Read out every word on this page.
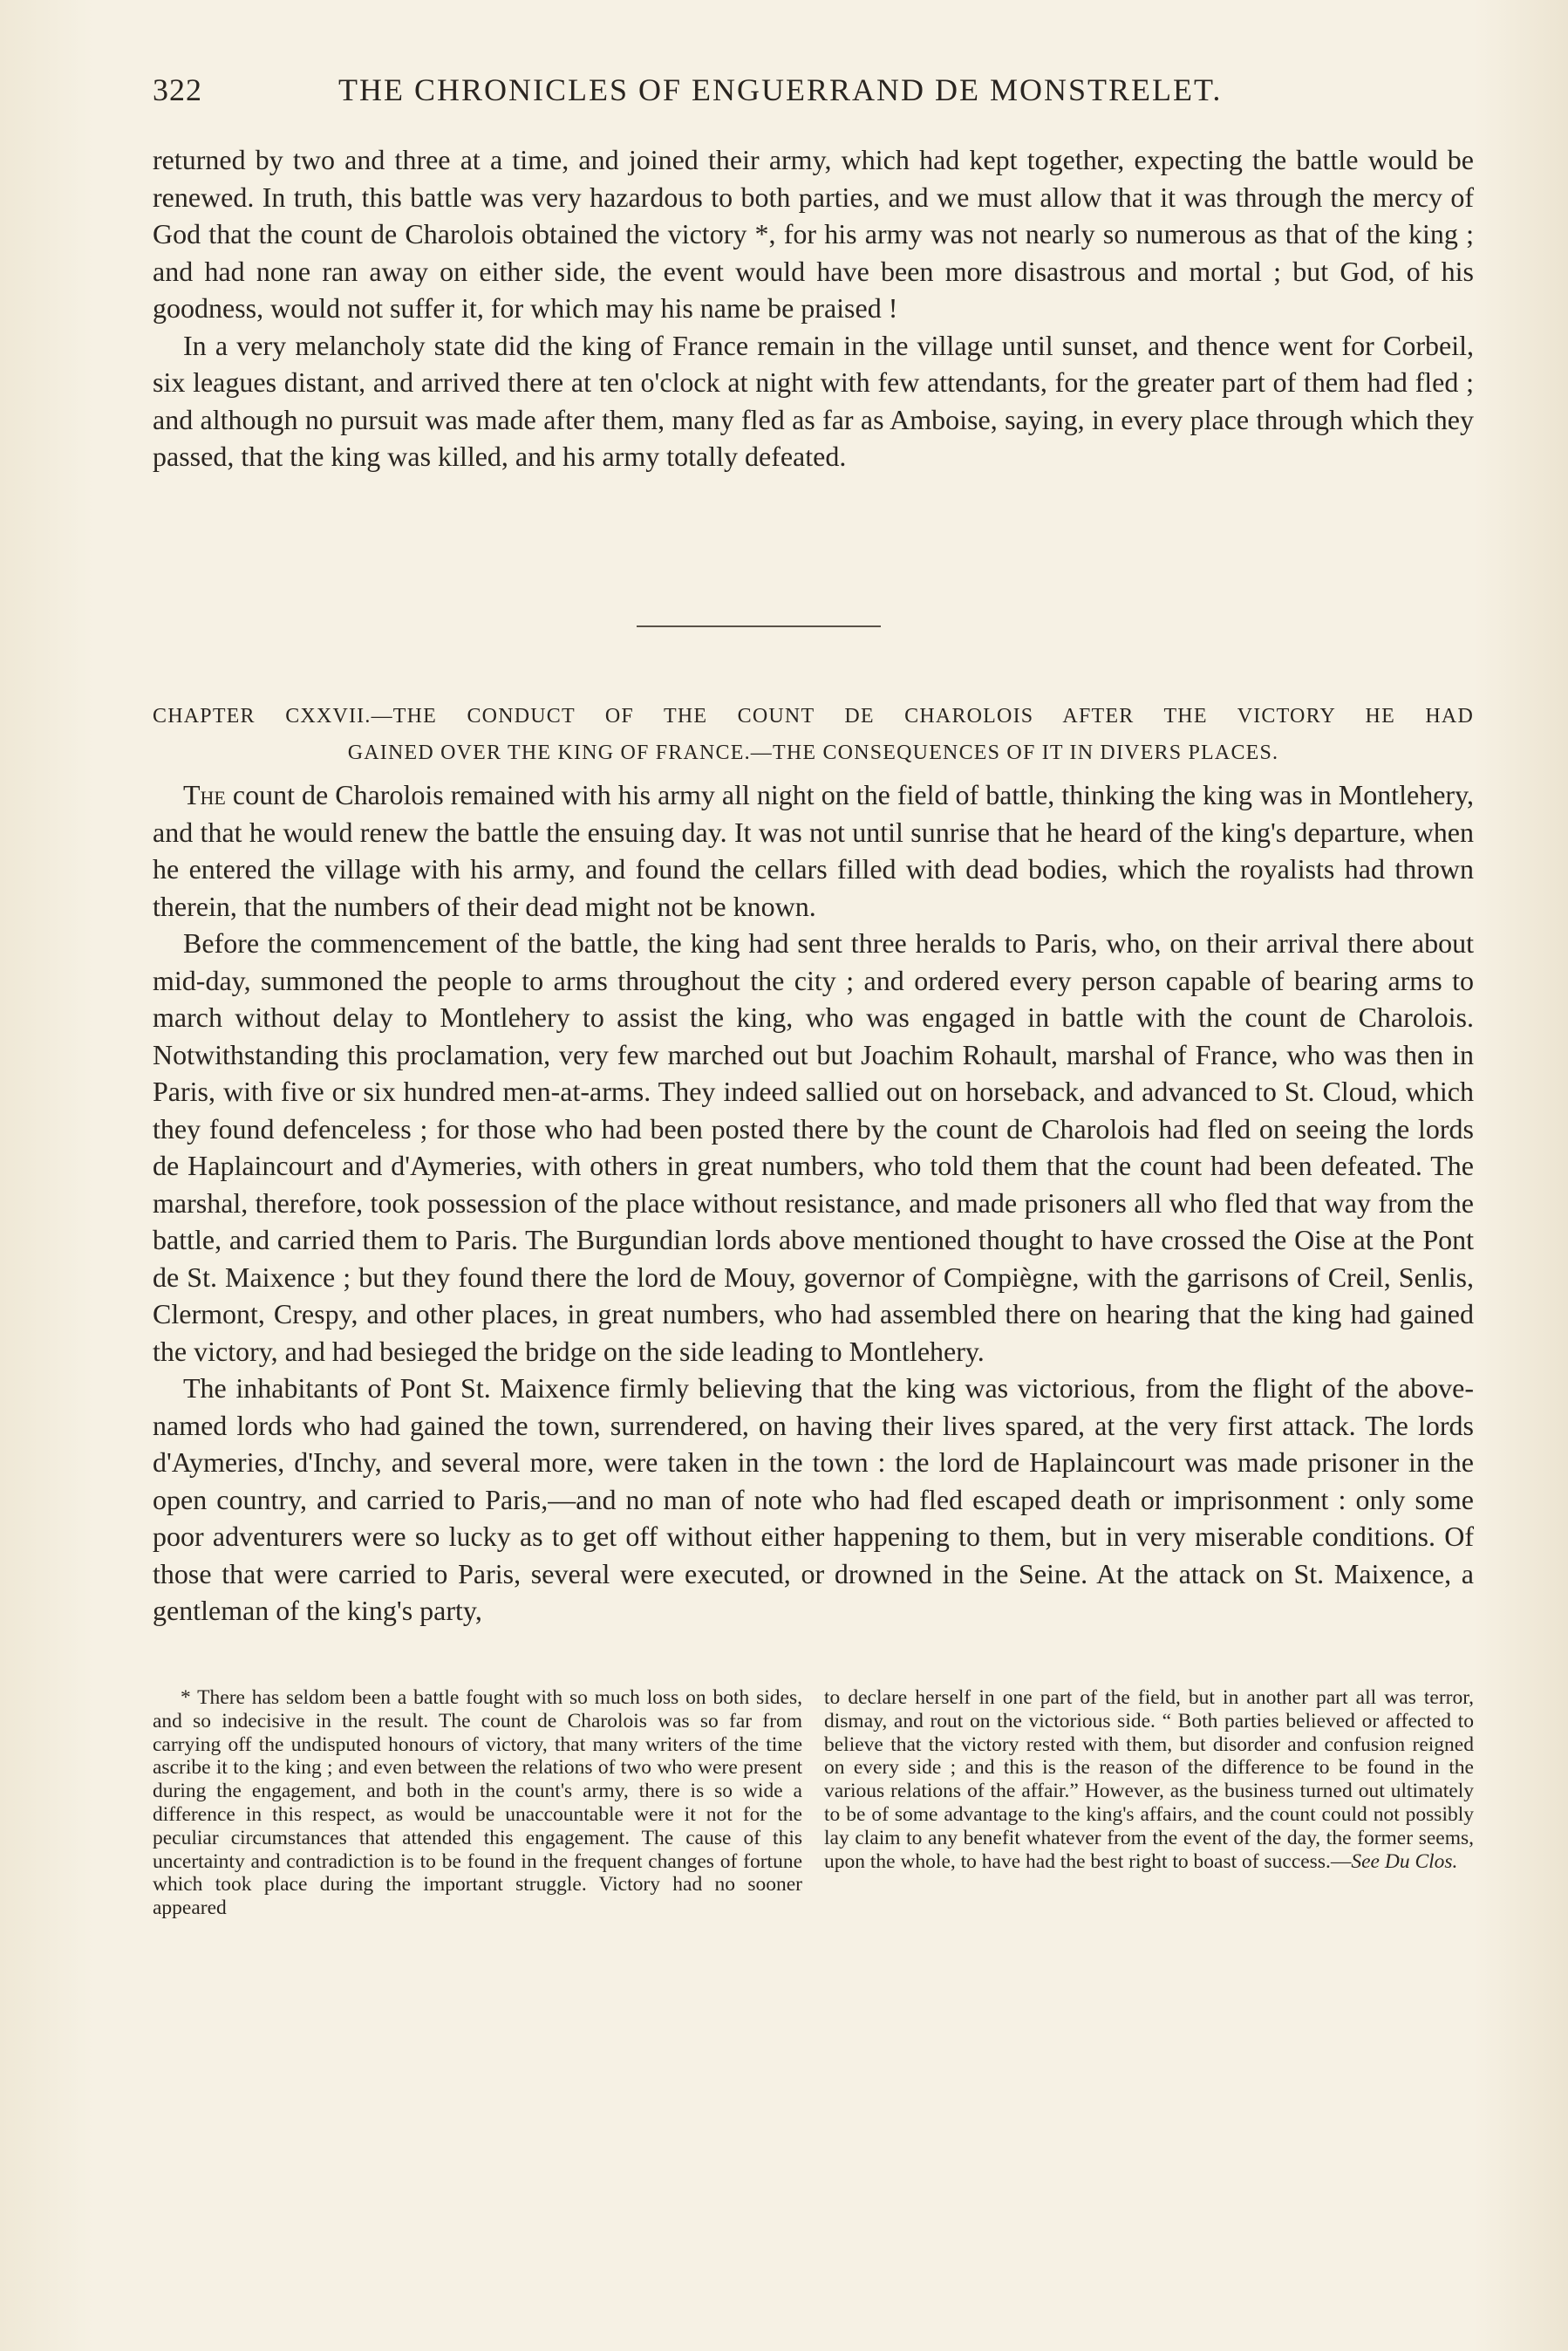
322	THE CHRONICLES OF ENGUERRAND DE MONSTRELET.

returned by two and three at a time, and joined their army, which had kept together, expecting the battle would be renewed. In truth, this battle was very hazardous to both parties, and we must allow that it was through the mercy of God that the count de Charolois obtained the victory *, for his army was not nearly so numerous as that of the king ; and had none ran away on either side, the event would have been more disastrous and mortal ; but God, of his goodness, would not suffer it, for which may his name be praised !

In a very melancholy state did the king of France remain in the village until sunset, and thence went for Corbeil, six leagues distant, and arrived there at ten o'clock at night with few attendants, for the greater part of them had fled ; and although no pursuit was made after them, many fled as far as Amboise, saying, in every place through which they passed, that the king was killed, and his army totally defeated.

CHAPTER CXXVII.—THE CONDUCT OF THE COUNT DE CHAROLOIS AFTER THE VICTORY HE HAD
GAINED OVER THE KING OF FRANCE.—THE CONSEQUENCES OF IT IN DIVERS PLACES.

The count de Charolois remained with his army all night on the field of battle, thinking the king was in Montlehery, and that he would renew the battle the ensuing day. It was not until sunrise that he heard of the king's departure, when he entered the village with his army, and found the cellars filled with dead bodies, which the royalists had thrown therein, that the numbers of their dead might not be known.

Before the commencement of the battle, the king had sent three heralds to Paris, who, on their arrival there about mid-day, summoned the people to arms throughout the city ; and ordered every person capable of bearing arms to march without delay to Montlehery to assist the king, who was engaged in battle with the count de Charolois. Notwithstanding this proclamation, very few marched out but Joachim Rohault, marshal of France, who was then in Paris, with five or six hundred men-at-arms. They indeed sallied out on horseback, and advanced to St. Cloud, which they found defenceless ; for those who had been posted there by the count de Charolois had fled on seeing the lords de Haplaincourt and d'Aymeries, with others in great numbers, who told them that the count had been defeated. The marshal, therefore, took possession of the place without resistance, and made prisoners all who fled that way from the battle, and carried them to Paris. The Burgundian lords above mentioned thought to have crossed the Oise at the Pont de St. Maixence ; but they found there the lord de Mouy, governor of Compiègne, with the garrisons of Creil, Senlis, Clermont, Crespy, and other places, in great numbers, who had assembled there on hearing that the king had gained the victory, and had besieged the bridge on the side leading to Montlehery.

The inhabitants of Pont St. Maixence firmly believing that the king was victorious, from the flight of the above-named lords who had gained the town, surrendered, on having their lives spared, at the very first attack. The lords d'Aymeries, d'Inchy, and several more, were taken in the town : the lord de Haplaincourt was made prisoner in the open country, and carried to Paris,—and no man of note who had fled escaped death or imprisonment : only some poor adventurers were so lucky as to get off without either happening to them, but in very miserable conditions. Of those that were carried to Paris, several were executed, or drowned in the Seine. At the attack on St. Maixence, a gentleman of the king's party,

* There has seldom been a battle fought with so much loss on both sides, and so indecisive in the result. The count de Charolois was so far from carrying off the undisputed honours of victory, that many writers of the time ascribe it to the king ; and even between the relations of two who were present during the engagement, and both in the count's army, there is so wide a difference in this respect, as would be unaccountable were it not for the peculiar circumstances that attended this engagement. The cause of this uncertainty and contradiction is to be found in the frequent changes of fortune which took place during the important struggle. Victory had no sooner appeared

to declare herself in one part of the field, but in another part all was terror, dismay, and rout on the victorious side. “ Both parties believed or affected to believe that the victory rested with them, but disorder and confusion reigned on every side ; and this is the reason of the difference to be found in the various relations of the affair.” However, as the business turned out ultimately to be of some advantage to the king's affairs, and the count could not possibly lay claim to any benefit whatever from the event of the day, the former seems, upon the whole, to have had the best right to boast of success.—See Du Clos.
